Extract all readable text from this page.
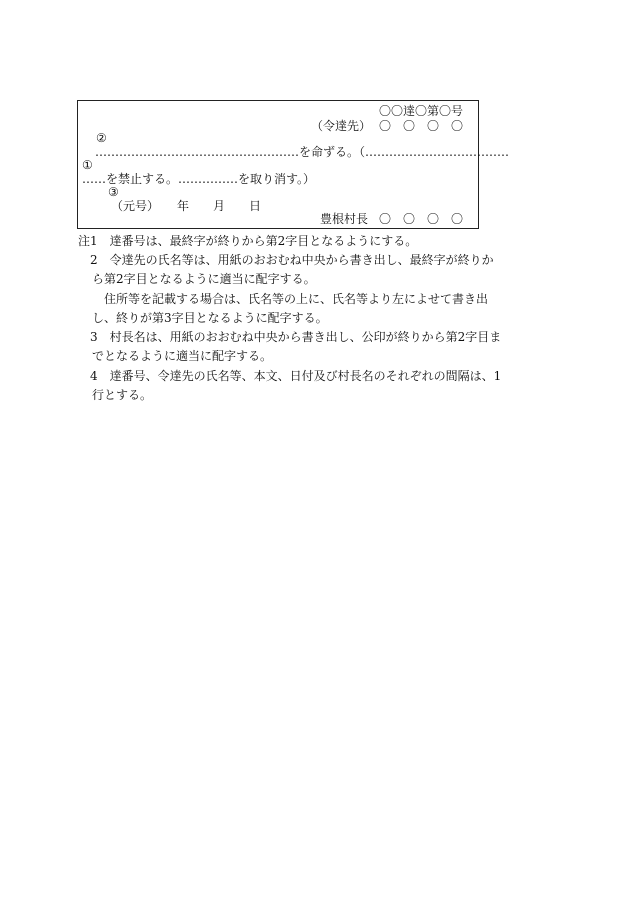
〇〇達〇第〇号
（令達先） 〇　〇　〇　〇
②
……………………………………………を命ずる。（………………………………
①
……を禁止する。……………を取り消す。）
③
（元号）　　年　　月　　日
豊根村長 〇　〇　〇　〇
注1　達番号は、最終字が終りから第2字目となるようにする。
2　令達先の氏名等は、用紙のおおむね中央から書き出し、最終字が終りか
ら第2字目となるように適当に配字する。
住所等を記載する場合は、氏名等の上に、氏名等より左によせて書き出
し、終りが第3字目となるように配字する。
3　村長名は、用紙のおおむね中央から書き出し、公印が終りから第2字目ま
でとなるように適当に配字する。
4　達番号、令達先の氏名等、本文、日付及び村長名のそれぞれの間隔は、1
行とする。
